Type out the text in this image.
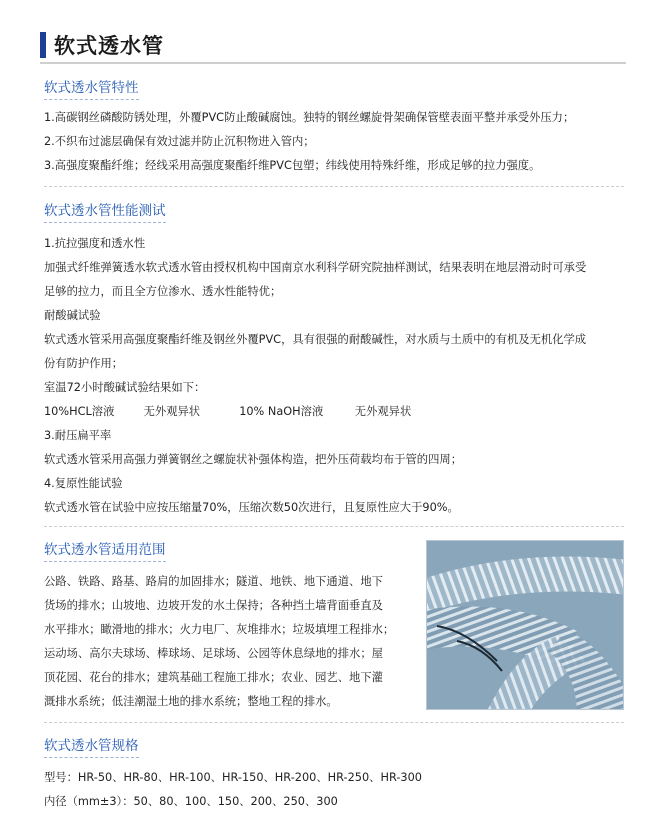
软式透水管
软式透水管特性
1.高碳钢丝磷酸防锈处理，外覆PVC防止酸碱腐蚀。独特的钢丝螺旋骨架确保管壁表面平整并承受外压力；
2.不织布过滤层确保有效过滤并防止沉积物进入管内；
3.高强度聚酯纤维；经线采用高强度聚酯纤维PVC包塑；纬线使用特殊纤维，形成足够的拉力强度。
软式透水管性能测试
1.抗拉强度和透水性
加强式纤维弹簧透水软式透水管由授权机构中国南京水利科学研究院抽样测试，结果表明在地层滑动时可承受
足够的拉力，而且全方位渗水、透水性能特优；
耐酸碱试验
软式透水管采用高强度聚酯纤维及钢丝外覆PVC，具有很强的耐酸碱性，对水质与土质中的有机及无机化学成
份有防护作用；
室温72小时酸碱试验结果如下：
10%HCL溶液	无外观异状	10% NaOH溶液	无外观异状
3.耐压扁平率
软式透水管采用高强力弹簧钢丝之螺旋状补强体构造，把外压荷载均布于管的四周；
4.复原性能试验
软式透水管在试验中应按压缩量70%，压缩次数50次进行，且复原性应大于90%。
软式透水管适用范围
公路、铁路、路基、路肩的加固排水；隧道、地铁、地下通道、地下
货场的排水；山坡地、边坡开发的水土保持；各种挡土墙背面垂直及
水平排水；瞰滑地的排水；火力电厂、灰堆排水；垃圾填埋工程排水；
运动场、高尔夫球场、棒球场、足球场、公园等休息绿地的排水；屋
顶花园、花台的排水；建筑基础工程施工排水；农业、园艺、地下灌
溉排水系统；低洼潮湿土地的排水系统；整地工程的排水。
软式透水管规格
型号：HR-50、HR-80、HR-100、HR-150、HR-200、HR-250、HR-300
内径（mm±3）：50、80、100、150、200、250、300
